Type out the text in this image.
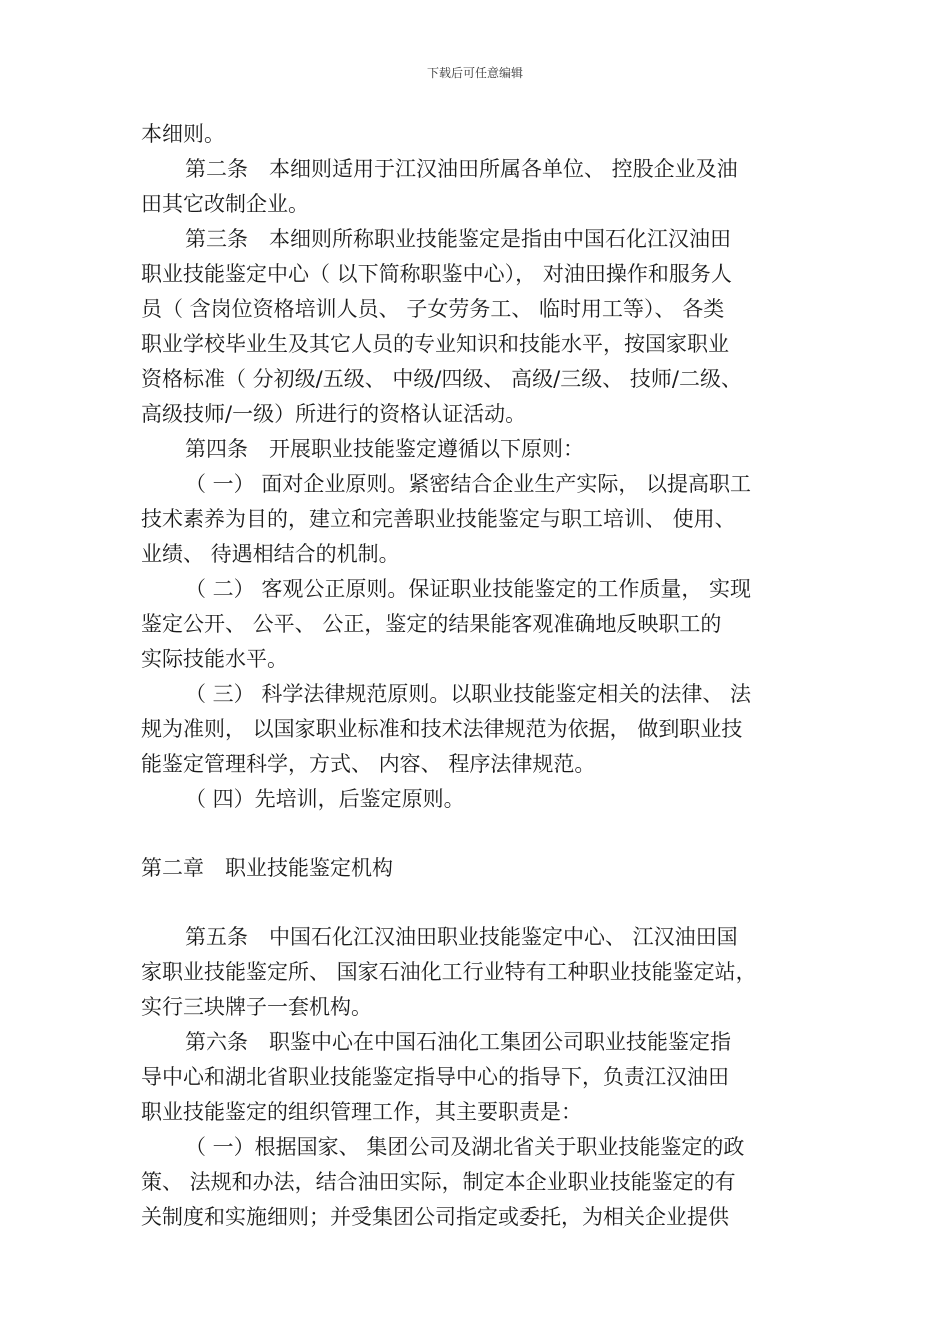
下载后可任意编辑
本细则。
第二条　本细则适用于江汉油田所属各单位、 控股企业及油
田其它改制企业。
第三条　本细则所称职业技能鉴定是指由中国石化江汉油田
职业技能鉴定中心（ 以下简称职鉴中心）， 对油田操作和服务人
员（ 含岗位资格培训人员、 子女劳务工、 临时用工等）、 各类
职业学校毕业生及其它人员的专业知识和技能水平，按国家职业
资格标准（ 分初级/五级、 中级/四级、 高级/三级、 技师/二级、
高级技师/一级）所进行的资格认证活动。
第四条　开展职业技能鉴定遵循以下原则：
（ 一） 面对企业原则。紧密结合企业生产实际， 以提高职工
技术素养为目的，建立和完善职业技能鉴定与职工培训、 使用、
业绩、 待遇相结合的机制。
（ 二） 客观公正原则。保证职业技能鉴定的工作质量， 实现
鉴定公开、 公平、 公正，鉴定的结果能客观准确地反映职工的
实际技能水平。
（ 三） 科学法律规范原则。以职业技能鉴定相关的法律、 法
规为准则， 以国家职业标准和技术法律规范为依据， 做到职业技
能鉴定管理科学，方式、 内容、 程序法律规范。
（ 四）先培训，后鉴定原则。
第二章　职业技能鉴定机构
第五条　中国石化江汉油田职业技能鉴定中心、 江汉油田国
家职业技能鉴定所、 国家石油化工行业特有工种职业技能鉴定站，
实行三块牌子一套机构。
第六条　职鉴中心在中国石油化工集团公司职业技能鉴定指
导中心和湖北省职业技能鉴定指导中心的指导下，负责江汉油田
职业技能鉴定的组织管理工作，其主要职责是：
（ 一）根据国家、 集团公司及湖北省关于职业技能鉴定的政
策、 法规和办法，结合油田实际，制定本企业职业技能鉴定的有
关制度和实施细则；并受集团公司指定或委托，为相关企业提供
